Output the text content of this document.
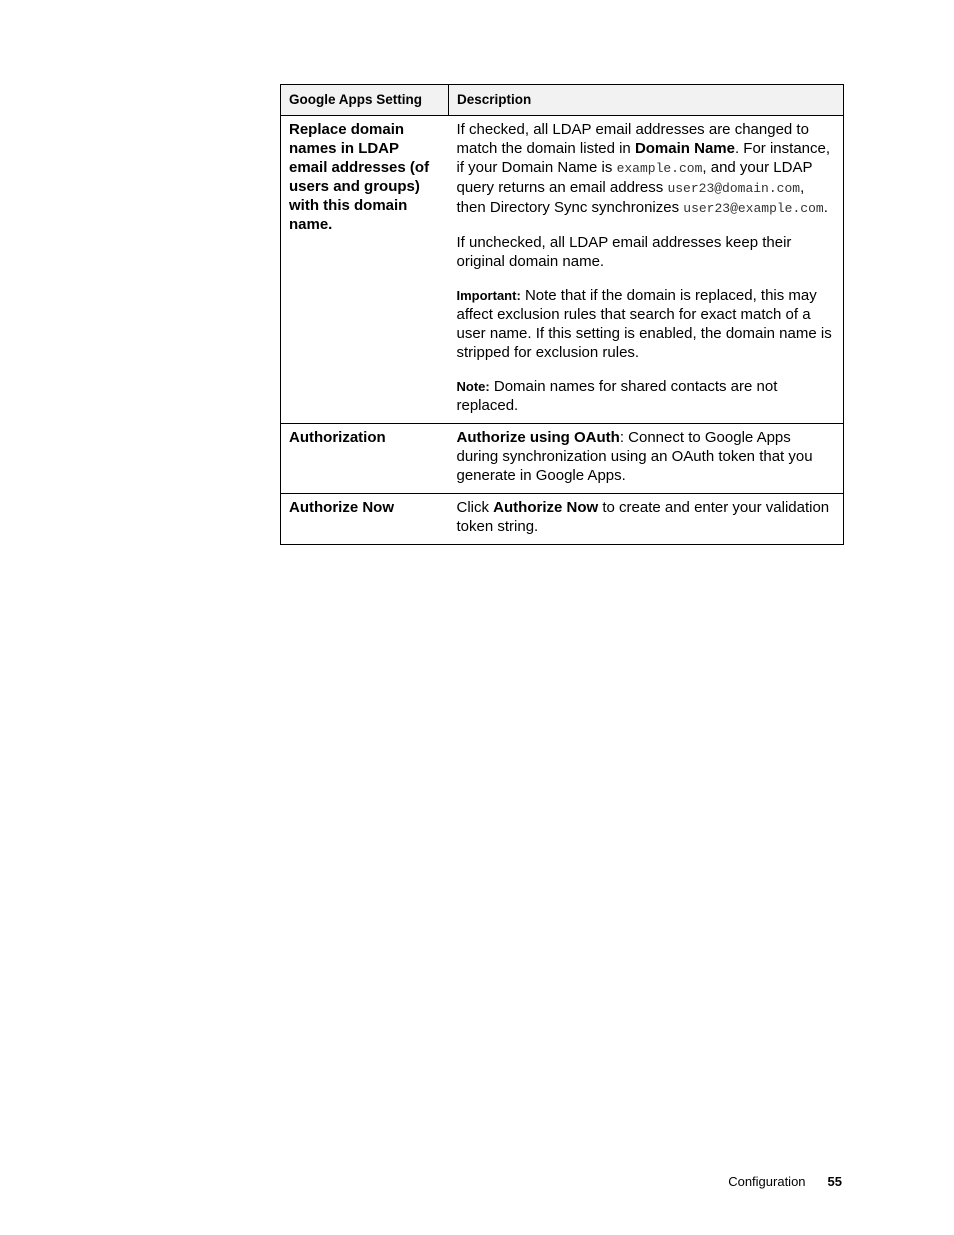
Google Apps Setting	Description
Replace domain names in LDAP email addresses (of users and groups) with this domain name.	If checked, all LDAP email addresses are changed to match the domain listed in Domain Name. For instance, if your Domain Name is example.com, and your LDAP query returns an email address user23@domain.com, then Directory Sync synchronizes user23@example.com.

If unchecked, all LDAP email addresses keep their original domain name.

Important: Note that if the domain is replaced, this may affect exclusion rules that search for exact match of a user name. If this setting is enabled, the domain name is stripped for exclusion rules.

Note: Domain names for shared contacts are not replaced.

Authorization	Authorize using OAuth: Connect to Google Apps during synchronization using an OAuth token that you generate in Google Apps.

Authorize Now	Click Authorize Now to create and enter your validation token string.

Configuration 55
